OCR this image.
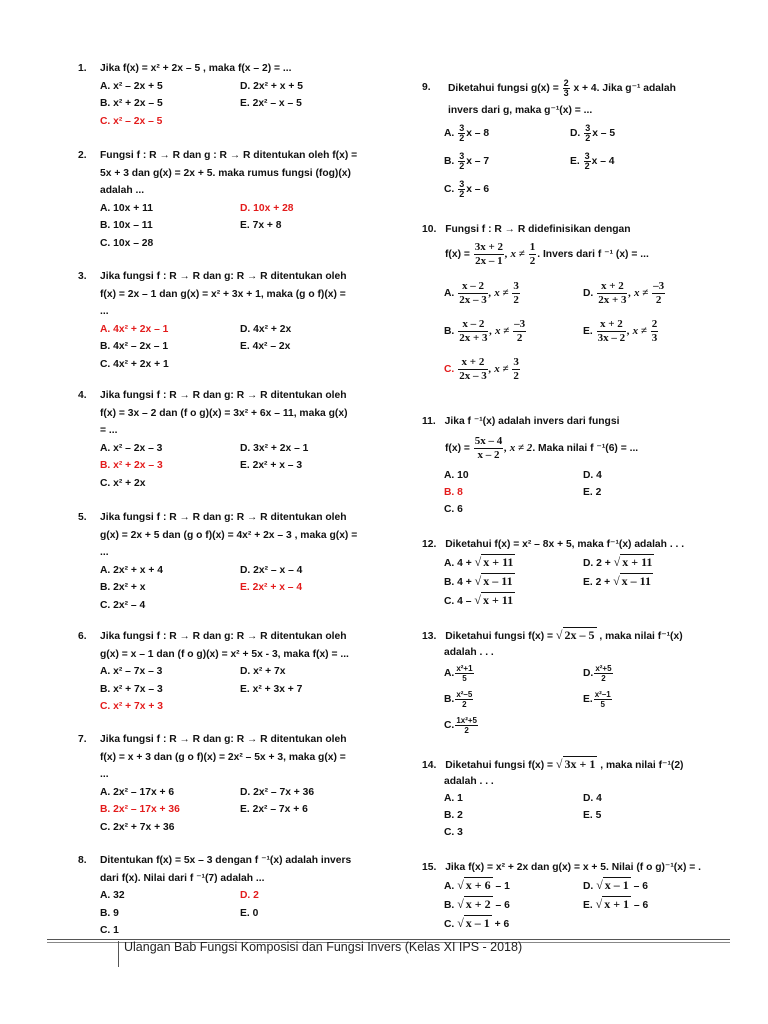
1. Jika f(x) = x² + 2x – 5 , maka f(x – 2) = ...
A. x² – 2x + 5	D. 2x² + x + 5
B. x² + 2x – 5	E. 2x² – x – 5
C. x² – 2x – 5
2. Fungsi f : R → R dan g : R → R ditentukan oleh f(x) =
5x + 3 dan g(x) = 2x + 5. maka rumus fungsi (fog)(x)
adalah ...
A. 10x + 11	D. 10x + 28
B. 10x – 11	E. 7x + 8
C. 10x – 28
3. Jika fungsi f : R → R dan g: R → R ditentukan oleh
f(x) = 2x – 1 dan g(x) = x² + 3x + 1, maka (g o f)(x) =
...
A. 4x² + 2x – 1	D. 4x² + 2x
B. 4x² – 2x – 1	E. 4x² – 2x
C. 4x² + 2x + 1
4. Jika fungsi f : R → R dan g: R → R ditentukan oleh
f(x) = 3x – 2 dan (f o g)(x) = 3x² + 6x – 11, maka g(x)
= ...
A. x² – 2x – 3	D. 3x² + 2x – 1
B. x² + 2x – 3	E. 2x² + x – 3
C. x² + 2x
5. Jika fungsi f : R → R dan g: R → R ditentukan oleh
g(x) = 2x + 5 dan (g o f)(x) = 4x² + 2x – 3 , maka g(x) =
...
A. 2x² + x + 4	D. 2x² – x – 4
B. 2x² + x	E. 2x² + x – 4
C. 2x² – 4
6. Jika fungsi f : R → R dan g: R → R ditentukan oleh
g(x) = x – 1 dan (f o g)(x) = x² + 5x - 3, maka f(x) = ...
A. x² – 7x – 3	D. x² + 7x
B. x² + 7x – 3	E. x² + 3x + 7
C. x² + 7x + 3
7. Jika fungsi f : R → R dan g: R → R ditentukan oleh
f(x) = x + 3 dan (g o f)(x) = 2x² – 5x + 3, maka g(x) =
...
A. 2x² – 17x + 6	D. 2x² – 7x + 36
B. 2x² – 17x + 36	E. 2x² – 7x + 6
C. 2x² + 7x + 36
8. Ditentukan f(x) = 5x – 3 dengan f ⁻¹(x) adalah invers
dari f(x). Nilai dari f ⁻¹(7) adalah ...
A. 32	D. 2
B. 9	E. 0
C. 1
9. Diketahui fungsi $g(x) = \frac{2}{3}$ x + 4. Jika g⁻¹ adalah
invers dari g, maka g⁻¹(x) = ...
A. $\frac{3}{2}$ x – 8	D. $\frac{3}{2}$ x – 5
B. $\frac{3}{2}$ x – 7	E. $\frac{3}{2}$ x – 4
C. $\frac{3}{2}$ x – 6
10. Fungsi f : R → R didefinisikan dengan
$f(x) = \frac{3x + 2}{2x - 1}$ , $x \ne \frac{1}{2}$ . Invers dari f ⁻¹ (x) = ...
A. $\frac{x - 2}{2x - 3}$ , $x \ne \frac{3}{2}$	D. $\frac{x + 2}{2x + 3}$ , $x \ne \frac{-3}{2}$
B. $\frac{x - 2}{2x + 3}$ , $x \ne \frac{-3}{2}$	E. $\frac{x + 2}{3x - 2}$ , $x \ne \frac{2}{3}$
C. $\frac{x + 2}{2x - 3}$ , $x \ne \frac{3}{2}$
11. Jika f ⁻¹(x) adalah invers dari fungsi
$f(x) = \frac{5x - 4}{x - 2}$ , x ≠ 2. Maka nilai f ⁻¹(6) = ...
A. 10	D. 4
B. 8	E. 2
C. 6
12. Diketahui f(x) = x² – 8x + 5, maka f⁻¹(x) adalah . . .
A. 4 + √ x + 11	D. 2 + √ x + 11
B. 4 + √ x – 11	E. 2 + √ x – 11
C. 4 – √ x + 11
13. Diketahui fungsi f(x) = √ 2x – 5 , maka nilai f⁻¹(x)
adalah . . .
A. $\frac{\text{x²+1}}{5}$	D. $\frac{\text{x²+5}}{2}$
B. $\frac{\text{x²–5}}{2}$	E. $\frac{\text{x²–1}}{5}$
C. $\frac{\text{1x²+5}}{2}$
14. Diketahui fungsi f(x) = √ 3x + 1 , maka nilai f⁻¹(2)
adalah . . .
A. 1	D. 4
B. 2	E. 5
C. 3
15. Jika f(x) = x² + 2x dan g(x) = x + 5. Nilai (f o g)⁻¹(x) = .
A. √ x + 6 – 1	D. √ x – 1 – 6
B. √ x + 2 – 6	E. √ x + 1 – 6
C. √ x – 1 + 6
Ulangan Bab Fungsi Komposisi dan Fungsi Invers (Kelas XI IPS - 2018)
